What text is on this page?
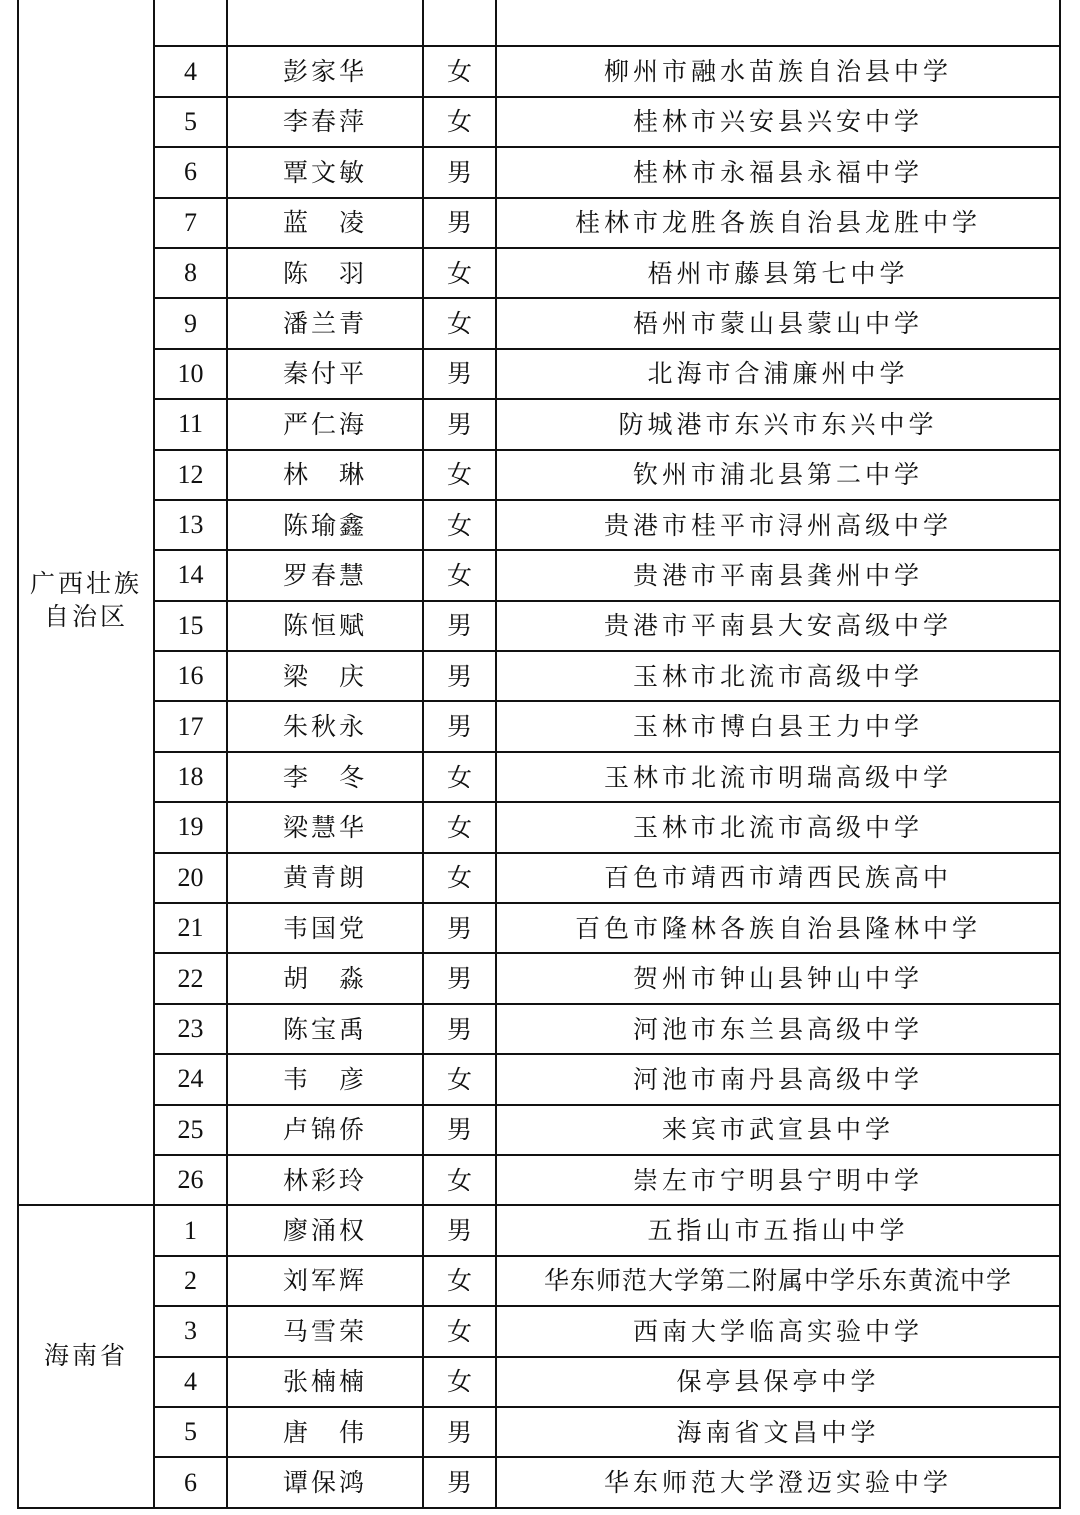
广西壮族
自治区				

	4	彭家华	女	柳州市融水苗族自治县中学
	5	李春萍	女	桂林市兴安县兴安中学
	6	覃文敏	男	桂林市永福县永福中学
	7	蓝　凌	男	桂林市龙胜各族自治县龙胜中学
	8	陈　羽	女	梧州市藤县第七中学
	9	潘兰青	女	梧州市蒙山县蒙山中学
	10	秦付平	男	北海市合浦廉州中学
	11	严仁海	男	防城港市东兴市东兴中学
	12	林　琳	女	钦州市浦北县第二中学
	13	陈瑜鑫	女	贵港市桂平市浔州高级中学
	14	罗春慧	女	贵港市平南县龚州中学
	15	陈恒赋	男	贵港市平南县大安高级中学
	16	梁　庆	男	玉林市北流市高级中学
	17	朱秋永	男	玉林市博白县王力中学
	18	李　冬	女	玉林市北流市明瑞高级中学
	19	梁慧华	女	玉林市北流市高级中学
	20	黄青朗	女	百色市靖西市靖西民族高中
	21	韦国党	男	百色市隆林各族自治县隆林中学
	22	胡　淼	男	贺州市钟山县钟山中学
	23	陈宝禹	男	河池市东兰县高级中学
	24	韦　彦	女	河池市南丹县高级中学
	25	卢锦侨	男	来宾市武宣县中学
	26	林彩玲	女	崇左市宁明县宁明中学

海南省	1	廖涌权	男	五指山市五指山中学
	2	刘军辉	女	华东师范大学第二附属中学乐东黄流中学
	3	马雪荣	女	西南大学临高实验中学
	4	张楠楠	女	保亭县保亭中学
	5	唐　伟	男	海南省文昌中学
	6	谭保鸿	男	华东师范大学澄迈实验中学
